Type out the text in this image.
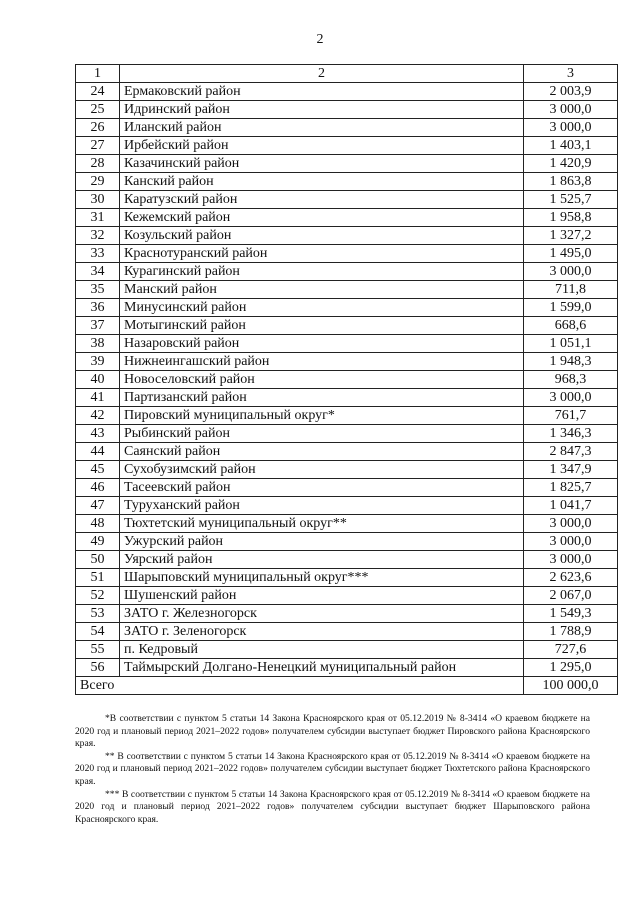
2
1	2	3
24	Ермаковский район	2 003,9
25	Идринский район	3 000,0
26	Иланский район	3 000,0
27	Ирбейский район	1 403,1
28	Казачинский район	1 420,9
29	Канский район	1 863,8
30	Каратузский район	1 525,7
31	Кежемский район	1 958,8
32	Козульский район	1 327,2
33	Краснотуранский район	1 495,0
34	Курагинский район	3 000,0
35	Манский район	711,8
36	Минусинский район	1 599,0
37	Мотыгинский район	668,6
38	Назаровский район	1 051,1
39	Нижнеингашский район	1 948,3
40	Новоселовский район	968,3
41	Партизанский район	3 000,0
42	Пировский муниципальный округ*	761,7
43	Рыбинский район	1 346,3
44	Саянский район	2 847,3
45	Сухобузимский район	1 347,9
46	Тасеевский район	1 825,7
47	Туруханский район	1 041,7
48	Тюхтетский муниципальный округ**	3 000,0
49	Ужурский район	3 000,0
50	Уярский район	3 000,0
51	Шарыповский муниципальный округ***	2 623,6
52	Шушенский район	2 067,0
53	ЗАТО г. Железногорск	1 549,3
54	ЗАТО г. Зеленогорск	1 788,9
55	п. Кедровый	727,6
56	Таймырский Долгано-Ненецкий муниципальный район	1 295,0
Всего		100 000,0

*В соответствии с пунктом 5 статьи 14 Закона Красноярского края от 05.12.2019 № 8-3414 «О краевом бюджете на 2020 год и плановый период 2021–2022 годов» получателем субсидии выступает бюджет Пировского района Красноярского края.

** В соответствии с пунктом 5 статьи 14 Закона Красноярского края от 05.12.2019 № 8-3414 «О краевом бюджете на 2020 год и плановый период 2021–2022 годов» получателем субсидии выступает бюджет Тюхтетского района Красноярского края.

*** В соответствии с пунктом 5 статьи 14 Закона Красноярского края от 05.12.2019 № 8-3414 «О краевом бюджете на 2020 год и плановый период 2021–2022 годов» получателем субсидии выступает бюджет Шарыповского района Красноярского края.
